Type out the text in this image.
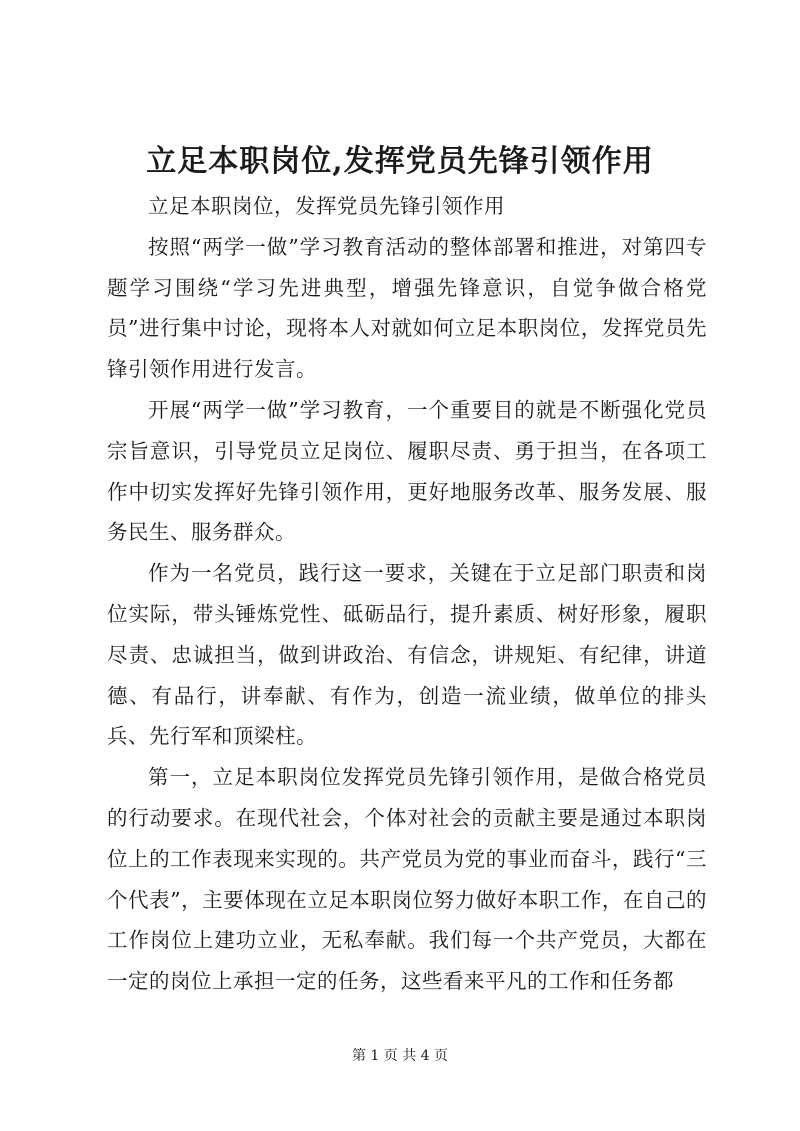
立足本职岗位,发挥党员先锋引领作用

立足本职岗位，发挥党员先锋引领作用

按照“两学一做”学习教育活动的整体部署和推进，对第四专题学习围绕“学习先进典型，增强先锋意识，自觉争做合格党员”进行集中讨论，现将本人对就如何立足本职岗位，发挥党员先锋引领作用进行发言。

开展“两学一做”学习教育，一个重要目的就是不断强化党员宗旨意识，引导党员立足岗位、履职尽责、勇于担当，在各项工作中切实发挥好先锋引领作用，更好地服务改革、服务发展、服务民生、服务群众。

作为一名党员，践行这一要求，关键在于立足部门职责和岗位实际，带头锤炼党性、砥砺品行，提升素质、树好形象，履职尽责、忠诚担当，做到讲政治、有信念，讲规矩、有纪律，讲道德、有品行，讲奉献、有作为，创造一流业绩，做单位的排头兵、先行军和顶梁柱。

第一，立足本职岗位发挥党员先锋引领作用，是做合格党员的行动要求。在现代社会，个体对社会的贡献主要是通过本职岗位上的工作表现来实现的。共产党员为党的事业而奋斗，践行“三个代表”，主要体现在立足本职岗位努力做好本职工作，在自己的工作岗位上建功立业，无私奉献。我们每一个共产党员，大都在一定的岗位上承担一定的任务，这些看来平凡的工作和任务都

第 1 页 共 4 页
